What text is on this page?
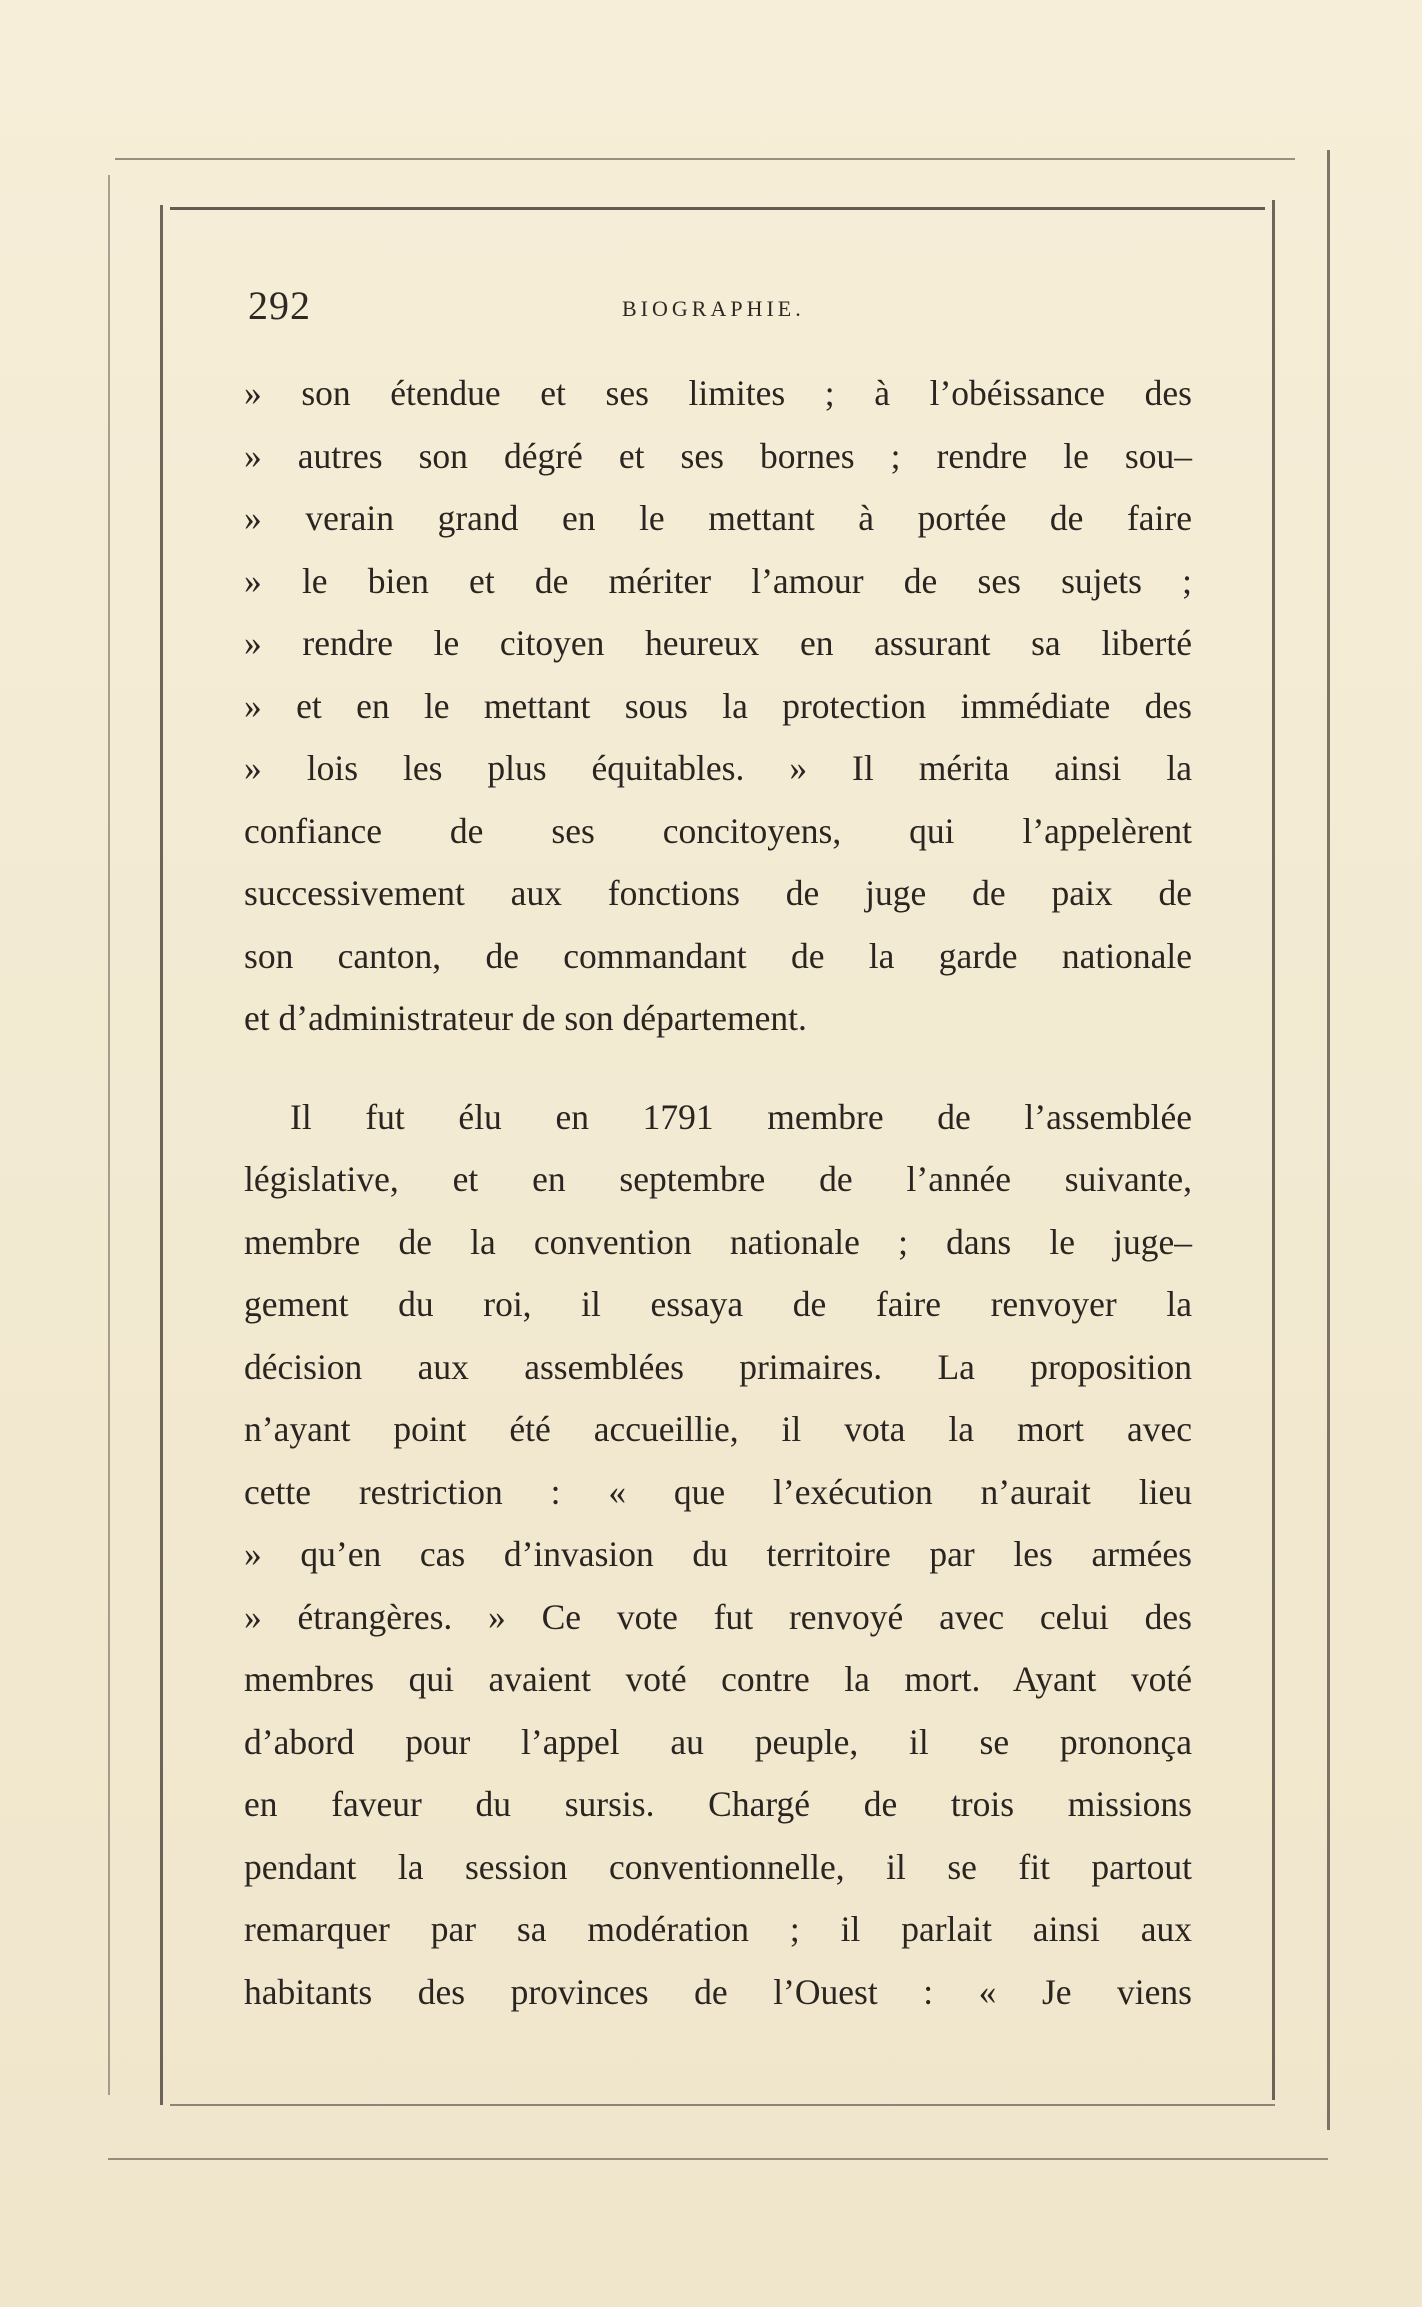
292	BIOGRAPHIE.
» son étendue et ses limites ; à l’obéissance des
» autres son dégré et ses bornes ; rendre le sou–
» verain grand en le mettant à portée de faire
» le bien et de mériter l’amour de ses sujets ;
» rendre le citoyen heureux en assurant sa liberté
» et en le mettant sous la protection immédiate des
» lois les plus équitables. » Il mérita ainsi la
confiance de ses concitoyens, qui l’appelèrent
successivement aux fonctions de juge de paix de
son canton, de commandant de la garde nationale
et d’administrateur de son département.
Il fut élu en 1791 membre de l’assemblée
législative, et en septembre de l’année suivante,
membre de la convention nationale ; dans le juge–
gement du roi, il essaya de faire renvoyer la
décision aux assemblées primaires. La proposition
n’ayant point été accueillie, il vota la mort avec
cette restriction : « que l’exécution n’aurait lieu
» qu’en cas d’invasion du territoire par les armées
» étrangères. » Ce vote fut renvoyé avec celui des
membres qui avaient voté contre la mort. Ayant voté
d’abord pour l’appel au peuple, il se prononça
en faveur du sursis. Chargé de trois missions
pendant la session conventionnelle, il se fit partout
remarquer par sa modération ; il parlait ainsi aux
habitants des provinces de l’Ouest : « Je viens
